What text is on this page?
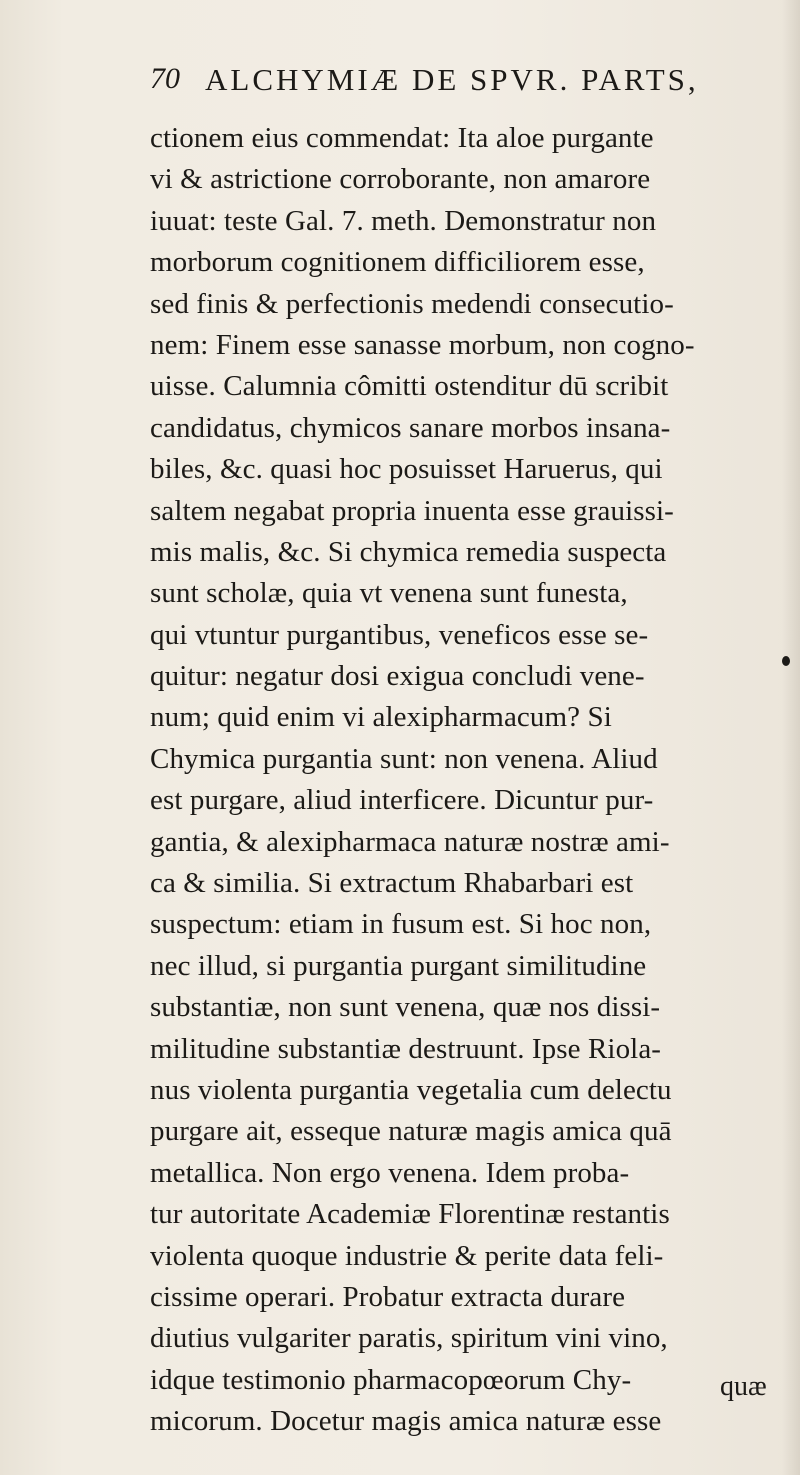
70 ALCHYMIÆ DE SPVR. PARTS,
ctionem eius commendat: Ita aloe purgante
vi & astrictione corroborante, non amarore
iuuat: teste Gal. 7. meth. Demonstratur non
morborum cognitionem difficiliorem esse,
sed finis & perfectionis medendi consecutio-
nem: Finem esse sanasse morbum, non cogno-
uisse. Calumnia cômitti ostenditur dū scribit
candidatus, chymicos sanare morbos insana-
biles, &c. quasi hoc posuisset Haruerus, qui
saltem negabat propria inuenta esse grauissi-
mis malis, &c. Si chymica remedia suspecta
sunt scholæ, quia vt venena sunt funesta,
qui vtuntur purgantibus, veneficos esse se-
quitur: negatur dosi exigua concludi vene-
num; quid enim vi alexipharmacum? Si
Chymica purgantia sunt: non venena. Aliud
est purgare, aliud interficere. Dicuntur pur-
gantia, & alexipharmaca naturæ nostræ ami-
ca & similia. Si extractum Rhabarbari est
suspectum: etiam in fusum est. Si hoc non,
nec illud, si purgantia purgant similitudine
substantiæ, non sunt venena, quæ nos dissi-
militudine substantiæ destruunt. Ipse Riola-
nus violenta purgantia vegetalia cum delectu
purgare ait, esseque naturæ magis amica quā
metallica. Non ergo venena. Idem proba-
tur autoritate Academiæ Florentinæ restantis
violenta quoque industrie & perite data feli-
cissime operari. Probatur extracta durare
diutius vulgariter paratis, spiritum vini vino,
idque testimonio pharmacopœorum Chy-
micorum. Docetur magis amica naturæ esse
quæ
